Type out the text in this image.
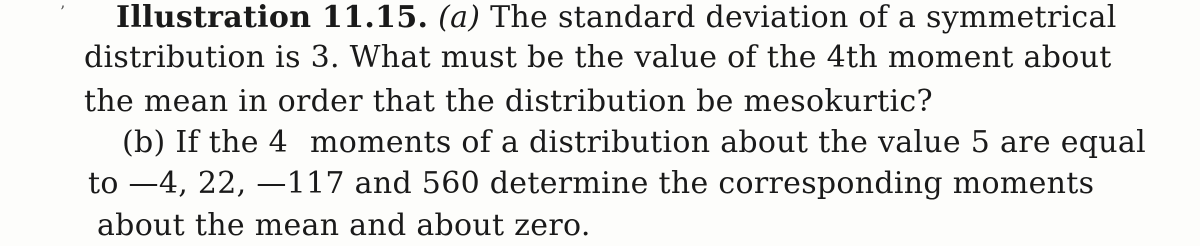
’ Illustration 11.15. (a) The standard deviation of a symmetrical
distribution is 3. What must be the value of the 4th moment about
the mean in order that the distribution be mesokurtic?
(b) If the 4 moments of a distribution about the value 5 are equal
to —4, 22, —117 and 560 determine the corresponding moments
about the mean and about zero.
